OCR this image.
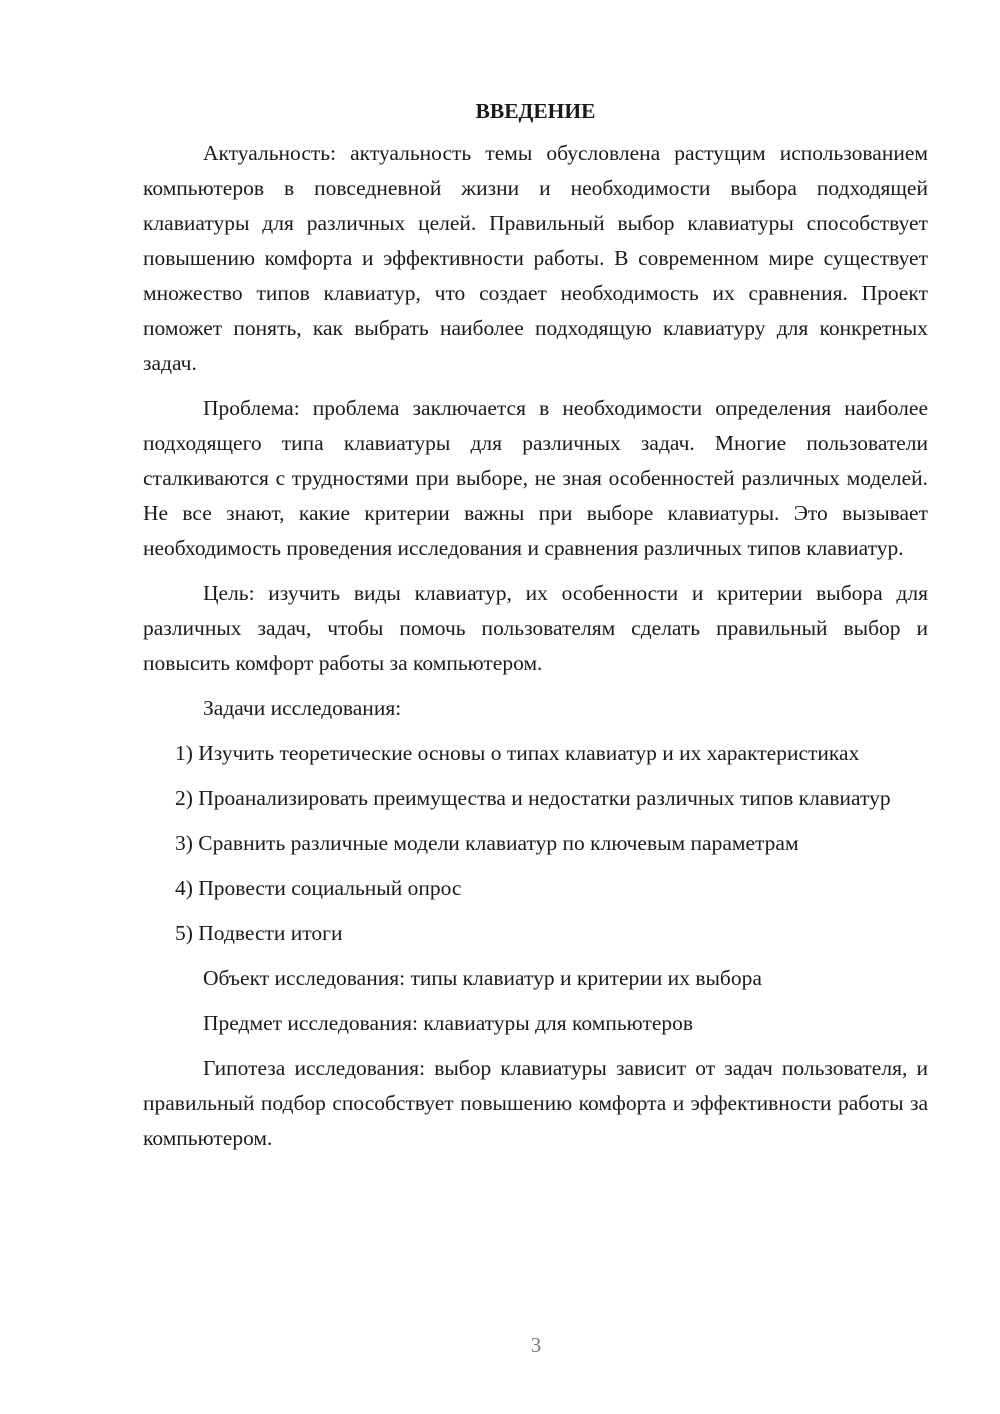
ВВЕДЕНИЕ

Актуальность: актуальность темы обусловлена растущим использованием компьютеров в повседневной жизни и необходимости выбора подходящей клавиатуры для различных целей. Правильный выбор клавиатуры способствует повышению комфорта и эффективности работы. В современном мире существует множество типов клавиатур, что создает необходимость их сравнения. Проект поможет понять, как выбрать наиболее подходящую клавиатуру для конкретных задач.

Проблема: проблема заключается в необходимости определения наиболее подходящего типа клавиатуры для различных задач. Многие пользователи сталкиваются с трудностями при выборе, не зная особенностей различных моделей. Не все знают, какие критерии важны при выборе клавиатуры. Это вызывает необходимость проведения исследования и сравнения различных типов клавиатур.

Цель: изучить виды клавиатур, их особенности и критерии выбора для различных задач, чтобы помочь пользователям сделать правильный выбор и повысить комфорт работы за компьютером.

Задачи исследования:

1) Изучить теоретические основы о типах клавиатур и их характеристиках

2) Проанализировать преимущества и недостатки различных типов клавиатур

3) Сравнить различные модели клавиатур по ключевым параметрам

4) Провести социальный опрос

5) Подвести итоги

Объект исследования: типы клавиатур и критерии их выбора

Предмет исследования: клавиатуры для компьютеров

Гипотеза исследования: выбор клавиатуры зависит от задач пользователя, и правильный подбор способствует повышению комфорта и эффективности работы за компьютером.

3
